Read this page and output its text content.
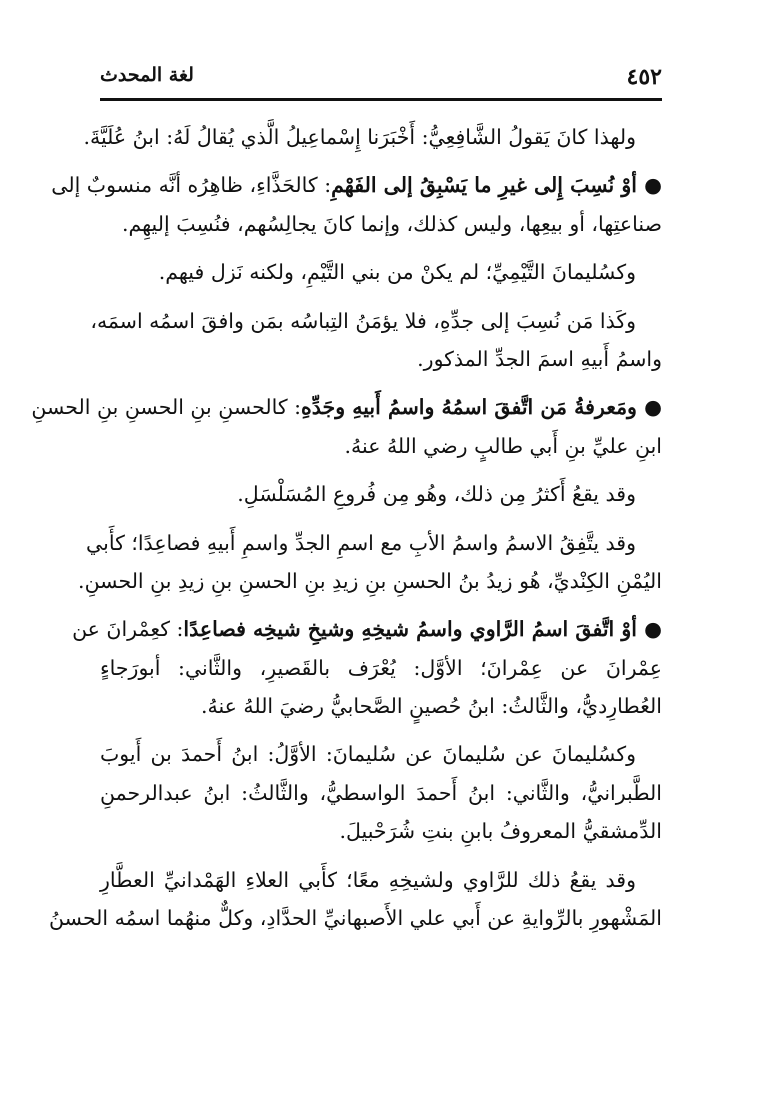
٤٥٢
لغة المحدث
ولهذا كانَ يَقولُ الشَّافِعِيُّ: أَخْبَرَنا إِسْماعِيلُ الَّذي يُقالُ لَهُ: ابنُ عُلَيَّةَ.
● أوْ نُسِبَ إِلى غيرِ ما يَسْبِقُ إلى الفَهْمِ: كالحَذَّاءِ، ظاهِرُه أنَّه منسوبٌ إلى
صناعتِها، أو بيعِها، وليس كذلك، وإنما كانَ يجالِسُهم، فنُسِبَ إليهِم.
وكسُليمانَ التَّيْمِيِّ؛ لم يكنْ من بني التَّيْمِ، ولكنه نَزل فيهم.
وكَذا مَن نُسِبَ إلى جدِّهِ، فلا يؤمَنُ التِباسُه بمَن وافقَ اسمُه اسمَه،
واسمُ أَبيهِ اسمَ الجدِّ المذكور.
● ومَعرفةُ مَن اتَّفقَ اسمُهُ واسمُ أَبيهِ وجَدِّهِ: كالحسنِ بنِ الحسنِ بنِ الحسنِ
ابنِ عليِّ بنِ أَبي طالبٍ رضي اللهُ عنهُ.
وقد يقعُ أَكثرُ مِن ذلك، وهُو مِن فُروعِ المُسَلْسَلِ.
وقد يتَّفِقُ الاسمُ واسمُ الأبِ مع اسمِ الجدِّ واسمِ أَبيهِ فصاعِدًا؛ كأَبي
اليُمْنِ الكِنْديِّ، هُو زيدُ بنُ الحسنِ بنِ زيدِ بنِ الحسنِ بنِ زيدِ بنِ الحسنِ.
● أوْ اتَّفقَ اسمُ الرَّاوي واسمُ شيخِهِ وشيخِ شيخِه فصاعِدًا: كعِمْرانَ عن
عِمْرانَ عن عِمْرانَ؛ الأوَّل: يُعْرَف بالقَصيرِ، والثَّاني: أبورَجاءٍ
العُطارِديُّ، والثَّالثُ: ابنُ حُصينٍ الصَّحابيُّ رضيَ اللهُ عنهُ.
وكسُليمانَ عن سُليمانَ عن سُليمانَ: الأوَّلُ: ابنُ أَحمدَ بن أَيوبَ
الطَّبرانيُّ، والثَّاني: ابنُ أَحمدَ الواسطيُّ، والثَّالثُ: ابنُ عبدالرحمنِ
الدِّمشقيُّ المعروفُ بابنِ بنتِ شُرَحْبيلَ.
وقد يقعُ ذلك للرَّاوي ولشيخِهِ معًا؛ كأَبي العلاءِ الهَمْدانيِّ العطَّارِ
المَشْهورِ بالرِّوايةِ عن أَبي علي الأَصبهانيِّ الحدَّادِ، وكلٌّ منهُما اسمُه الحسنُ
